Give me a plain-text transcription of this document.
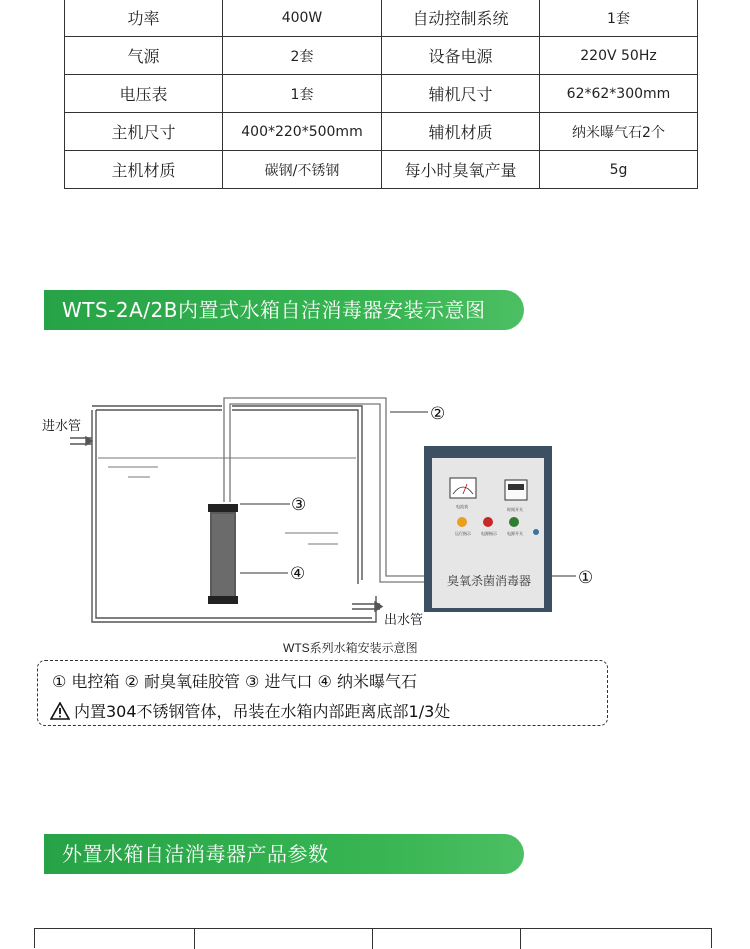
功率	400W	自动控制系统	1套
气源	2套	设备电源	220V 50Hz
电压表	1套	辅机尺寸	62*62*300mm
主机尺寸	400*220*500mm	辅机材质	纳米曝气石2个
主机材质	碳钢/不锈钢	每小时臭氧产量	5g
WTS-2A/2B内置式水箱自洁消毒器安装示意图
进水管
出水管
②
③
④	①
电流表
时间开关
运行指示	电源指示	电源开关
臭氧杀菌消毒器
WTS系列水箱安装示意图
① 电控箱 ② 耐臭氧硅胶管 ③ 进气口 ④ 纳米曝气石
内置304不锈钢管体，吊装在水箱内部距离底部1/3处
外置水箱自洁消毒器产品参数
